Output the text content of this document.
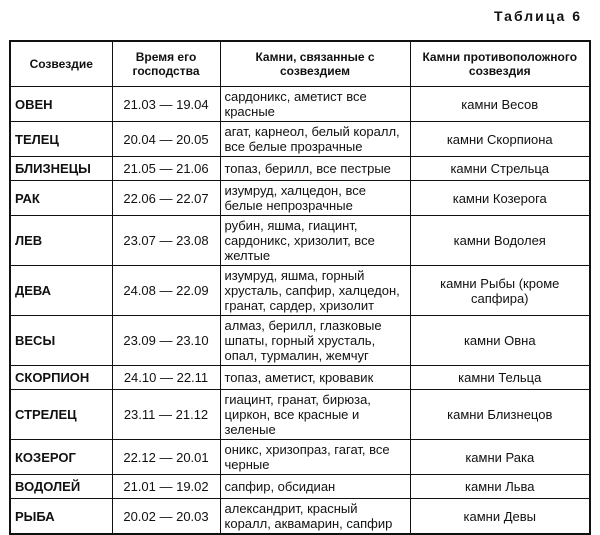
Таблица 6
Созвездие	Время его господства	Камни, связанные с созвездием	Камни противоположного созвездия
ОВЕН	21.03 — 19.04	сардоникс, аметист все красные	камни Весов
ТЕЛЕЦ	20.04 — 20.05	агат, карнеол, белый коралл, все белые прозрачные	камни Скорпиона
БЛИЗНЕЦЫ	21.05 — 21.06	топаз, берилл, все пестрые	камни Стрельца
РАК	22.06 — 22.07	изумруд, халцедон, все белые непрозрачные	камни Козерога
ЛЕВ	23.07 — 23.08	рубин, яшма, гиацинт, сардоникс, хризолит, все желтые	камни Водолея
ДЕВА	24.08 — 22.09	изумруд, яшма, горный хрусталь, сапфир, халцедон, гранат, сардер, хризолит	камни Рыбы (кроме сапфира)
ВЕСЫ	23.09 — 23.10	алмаз, берилл, глазковые шпаты, горный хрусталь, опал, турмалин, жемчуг	камни Овна
СКОРПИОН	24.10 — 22.11	топаз, аметист, кровавик	камни Тельца
СТРЕЛЕЦ	23.11 — 21.12	гиацинт, гранат, бирюза, циркон, все красные и зеленые	камни Близнецов
КОЗЕРОГ	22.12 — 20.01	оникс, хризопраз, гагат, все черные	камни Рака
ВОДОЛЕЙ	21.01 — 19.02	сапфир, обсидиан	камни Льва
РЫБА	20.02 — 20.03	александрит, красный коралл, аквамарин, сапфир	камни Девы
